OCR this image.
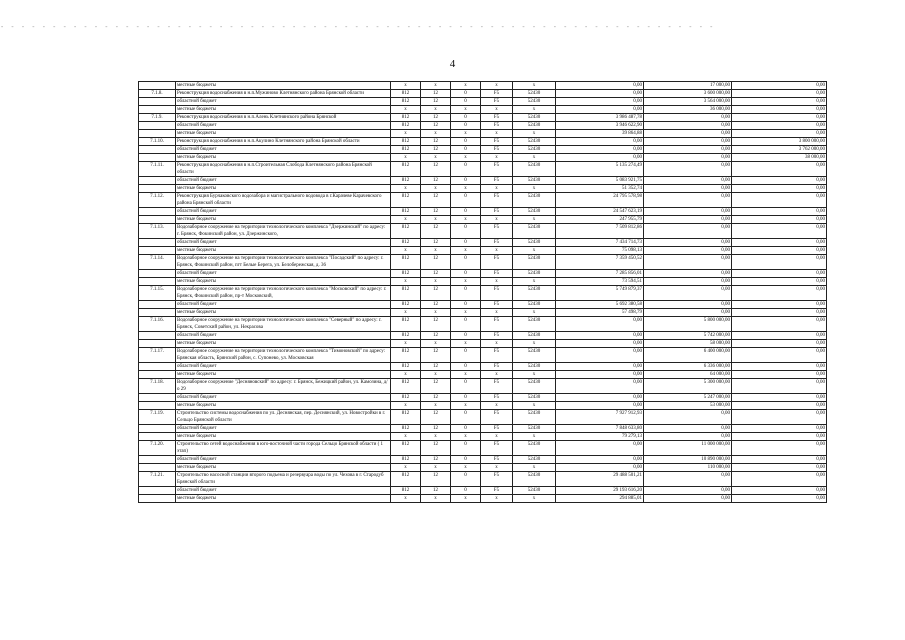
- - - - - - - - - - - - - - - - - - - - - - - - - - - - - - - - - - - - - - - - - - - - - - - - - - - - - - - - - - - - - - - - - - - - -
4
	местные бюджеты	x	x	x	x	x	0,00	17 000,00	0,00
7.1.8.	Реконструкция водоснабжения в н.п.Мужиново Клетнянского района Брянской области	812	12	0	F5	52430	0,00	3 600 000,00	0,00
	областной бюджет	812	12	0	F5	52430	0,00	3 564 000,00	0,00
	местные бюджеты	x	x	x	x	x	0,00	36 000,00	0,00
7.1.9.	Реконструкция водоснабжения в н.п.Алень Клетнянского района Брянской	812	12	0	F5	52430	3 986 487,78	0,00	0,00
	областной бюджет	812	12	0	F5	52430	3 946 622,90	0,00	0,00
	местные бюджеты	x	x	x	x	x	39 864,88	0,00	0,00
7.1.10.	Реконструкция водоснабжения в н.п.Акулино Клетнянского района Брянской области	812	12	0	F5	52430	0,00	0,00	3 800 000,00
	областной бюджет	812	12	0	F5	52430	0,00	0,00	3 762 000,00
	местные бюджеты	x	x	x	x	x	0,00	0,00	38 000,00
7.1.11.	Реконструкция водоснабжения в н.п.Строительная Слобода Клетнянского района Брянской области	812	12	0	F5	52430	5 135 274,49	0,00	0,00
	областной бюджет	812	12	0	F5	52430	5 083 921,75	0,00	0,00
	местные бюджеты	x	x	x	x	x	51 352,74	0,00	0,00
7.1.12.	Реконструкция Бурчаковского водозабора и магистрального водовода в г.Карачеве Карачевского района Брянской области	812	12	0	F5	52430	24 795 578,98	0,00	0,00
	областной бюджет	812	12	0	F5	52430	24 547 623,19	0,00	0,00
	местные бюджеты	x	x	x	x	x	247 955,79	0,00	0,00
7.1.13.	Водозаборное сооружение на территории технологического комплекса "Дзержинский" по адресу: г. Брянск, Фокинский район, ул. Дзержинского,	812	12	0	F5	52430	7 509 812,86	0,00	0,00
	областной бюджет	812	12	0	F5	52430	7 434 714,73	0,00	0,00
	местные бюджеты	x	x	x	x	x	75 098,13	0,00	0,00
7.1.14.	Водозаборное сооружение на территории технологического комплекса "Посадский" по адресу: г. Брянск, Фокинский район, пгт Белые Берега, ул. Белобережская, д. 36	812	12	0	F5	52430	7 359 450,52	0,00	0,00
	областной бюджет	812	12	0	F5	52430	7 285 856,01	0,00	0,00
	местные бюджеты	x	x	x	x	x	73 594,51	0,00	0,00
7.1.15.	Водозаборное сооружение на территории технологического комплекса "Московский" по адресу: г. Брянск, Фокинский район, пр-т Московский,	812	12	0	F5	52430	5 749 879,37	0,00	0,00
	областной бюджет	812	12	0	F5	52430	5 692 380,58	0,00	0,00
	местные бюджеты	x	x	x	x	x	57 498,79	0,00	0,00
7.1.16.	Водозаборное сооружение на территории технологического комплекса "Северный" по адресу: г. Брянск, Советский район, ул. Некрасова	812	12	0	F5	52430	0,00	5 800 000,00	0,00
	областной бюджет	812	12	0	F5	52430	0,00	5 742 000,00	0,00
	местные бюджеты	x	x	x	x	x	0,00	58 000,00	0,00
7.1.17.	Водозаборное сооружение на территории технологического комплекса "Тимоновский" по адресу: Брянская область, Брянский район, с. Супонево, ул. Московская	812	12	0	F5	52430	0,00	6 400 000,00	0,00
	областной бюджет	812	12	0	F5	52430	0,00	6 336 000,00	0,00
	местные бюджеты	x	x	x	x	x	0,00	64 000,00	0,00
7.1.18.	Водозаборное сооружение "Десняновский" по адресу: г. Брянск, Бежицкий район, ул. Камозина, д/о 29	812	12	0	F5	52430	0,00	5 300 000,00	0,00
	областной бюджет	812	12	0	F5	52430	0,00	5 247 000,00	0,00
	местные бюджеты	x	x	x	x	x	0,00	53 000,00	0,00
7.1.19.	Строительство системы водоснабжения по ул. Деснянская, пер. Деснянский, ул. Новостройки в г. Сельцо Брянской области	812	12	0	F5	52430	7 927 912,93	0,00	0,00
	областной бюджет	812	12	0	F5	52430	7 848 633,80	0,00	0,00
	местные бюджеты	x	x	x	x	x	79 279,13	0,00	0,00
7.1.20.	Строительство сетей водоснабжения в юго-восточной части города Сельцо Брянской области ( 1 этап)	812	12	0	F5	52430	0,00	11 000 000,00	0,00
	областной бюджет	812	12	0	F5	52430	0,00	10 890 000,00	0,00
	местные бюджеты	x	x	x	x	x	0,00	110 000,00	0,00
7.1.21.	Строительство насосной станции второго подъема и резервуара воды по ул. Чехова в г. Стародуб Брянской области	812	12	0	F5	52430	29 488 501,21	0,00	0,00
	областной бюджет	812	12	0	F5	52430	29 193 616,20	0,00	0,00
	местные бюджеты	x	x	x	x	x	294 885,01	0,00	0,00
